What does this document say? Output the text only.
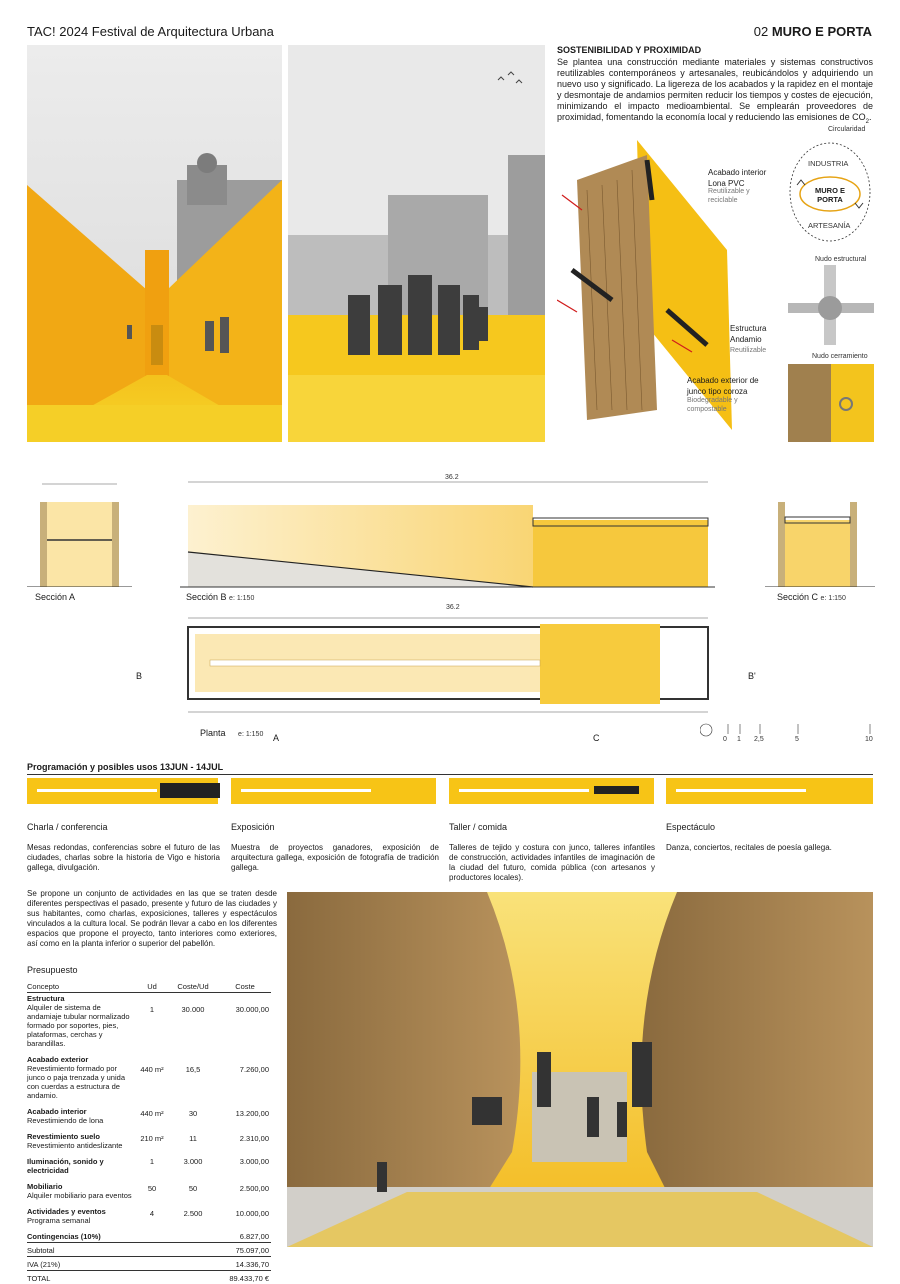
TAC! 2024 Festival de Arquitectura Urbana	02 MURO E PORTA
SOSTENIBILIDAD Y PROXIMIDAD
Se plantea una construcción mediante materiales y sistemas constructivos reutilizables contemporáneos y artesanales, reubicándolos y adquiriendo un nuevo uso y significado. La ligereza de los acabados y la rapidez en el montaje y desmontaje de andamios permiten reducir los tiempos y costes de ejecución, minimizando el impacto medioambiental. Se emplearán proveedores de proximidad, fomentando la economía local y reduciendo las emisiones de $CO_2$.
Circularidad
Acabado interior Lona PVC
Reutilizable y reciclable
Estructura Andamio
Reutilizable
Acabado exterior de junco tipo coroza
Biodegradable y compostable
INDUSTRIA
MURO E PORTA
ARTESANÍA
Nudo estructural
Nudo cerramiento
Sección A	Sección B e: 1:150
36.2
Sección C e: 1:150
36.2
B	B'
A	C
Planta e: 1:150
0 1 2,5	5	10
Programación y posibles usos 13JUN - 14JUL
Charla / conferencia	Exposición	Taller / comida	Espectáculo
Mesas redondas, conferencias sobre el futuro de las ciudades, charlas sobre la historia de Vigo e historia gallega, divulgación.
Muestra de proyectos ganadores, exposición de arquitectura gallega, exposición de fotografía de tradición gallega.
Talleres de tejido y costura con junco, talleres infantiles de construcción, actividades infantiles de imaginación de la ciudad del futuro, comida pública (con artesanos y productores locales).
Danza, conciertos, recitales de poesía gallega.
Se propone un conjunto de actividades en las que se traten desde diferentes perspectivas el pasado, presente y futuro de las ciudades y sus habitantes, como charlas, exposiciones, talleres y espectáculos vinculados a la cultura local. Se podrán llevar a cabo en los diferentes espacios que propone el proyecto, tanto interiores como exteriores, así como en la planta inferior o superior del pabellón.
Presupuesto
Concepto	Ud	Coste/Ud	Coste
Estructura
Alquiler de sistema de andamiaje tubular normalizado formado por soportes, pies, plataformas, cerchas y barandillas.	1	30.000	30.000,00
Acabado exterior
Revestimiento formado por junco o paja trenzada y unida con cuerdas a estructura de andamio.	440 m²	16,5	7.260,00
Acabado interior
Revestimiendo de lona	440 m²	30	13.200,00
Revestimiento suelo
Revestimiento antideslizante	210 m²	11	2.310,00
Iluminación, sonido y electricidad	1	3.000	3.000,00
Mobiliario
Alquiler mobiliario para eventos	50	50	2.500,00
Actividades y eventos
Programa semanal	4	2.500	10.000,00
Contingencias (10%)			6.827,00
Subtotal			75.097,00
IVA (21%)			14.336,70
TOTAL			89.433,70 €
